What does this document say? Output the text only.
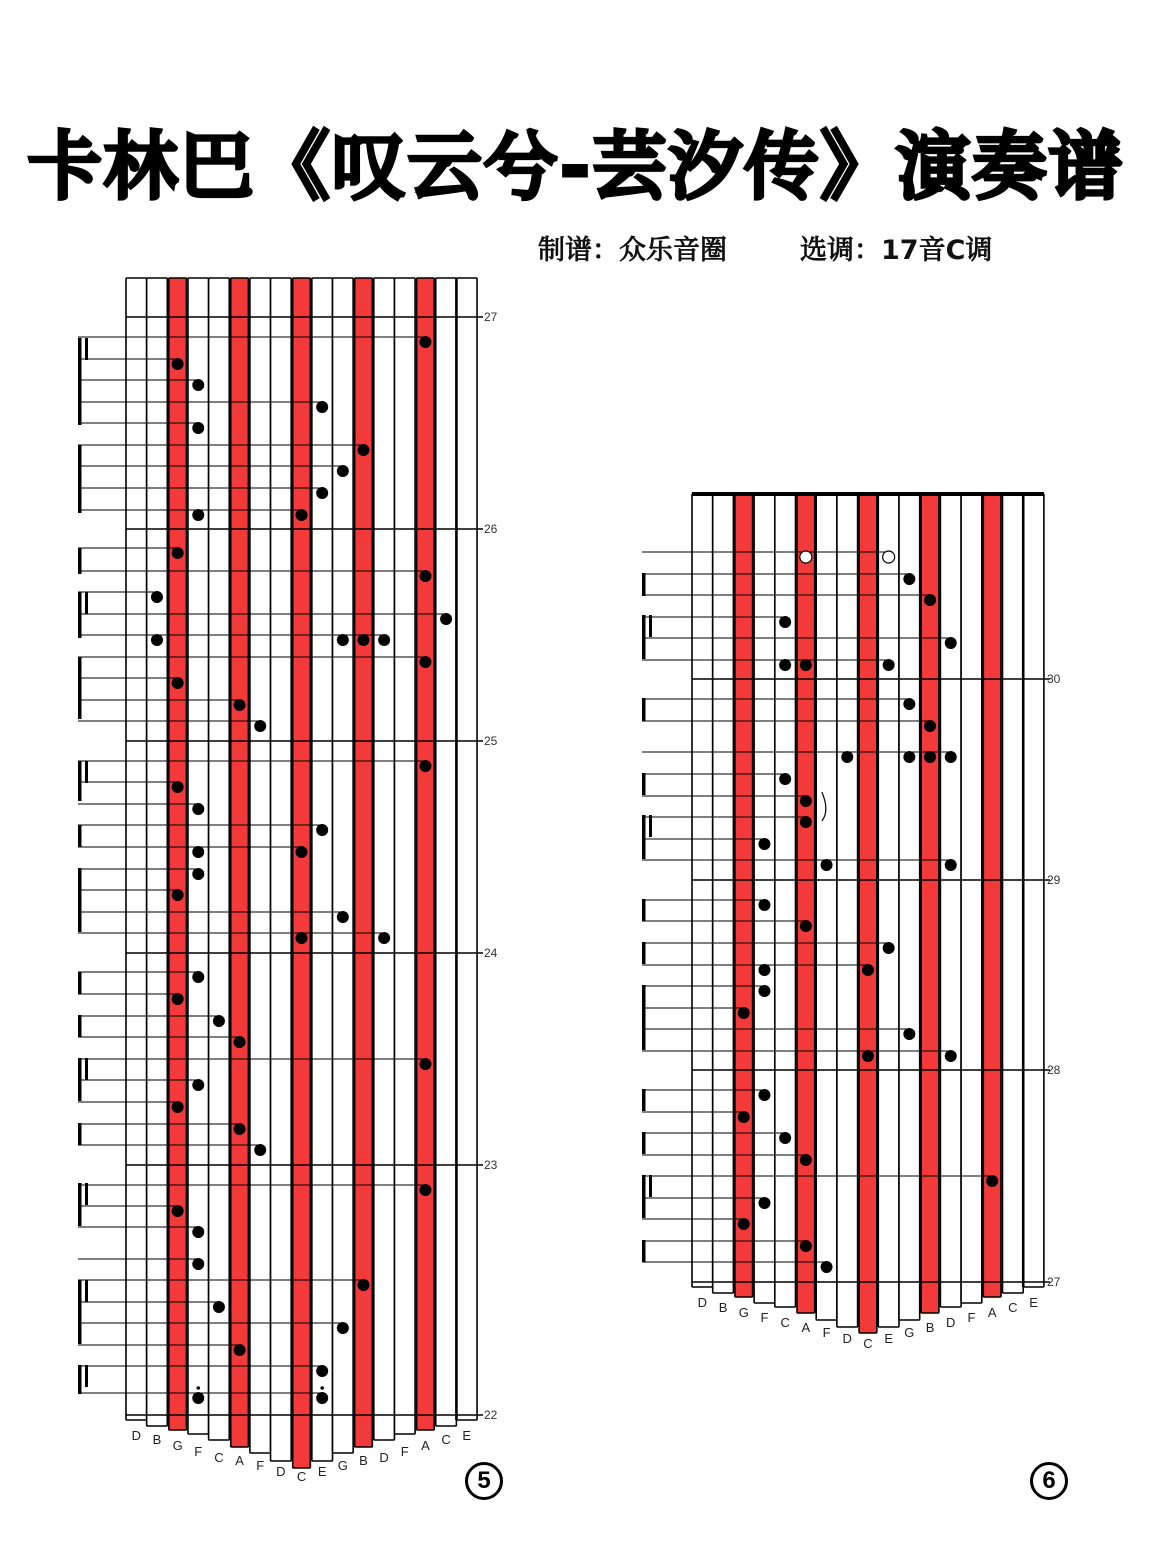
卡林巴《叹云兮-芸汐传》演奏谱
制谱：众乐音圈	选调：17音C调
27
26
25
24
23
22
D B G F C A F D C E G B D F A C E
30
29
28
27
D B G F C A F D C E G B D F A C E
5	6
